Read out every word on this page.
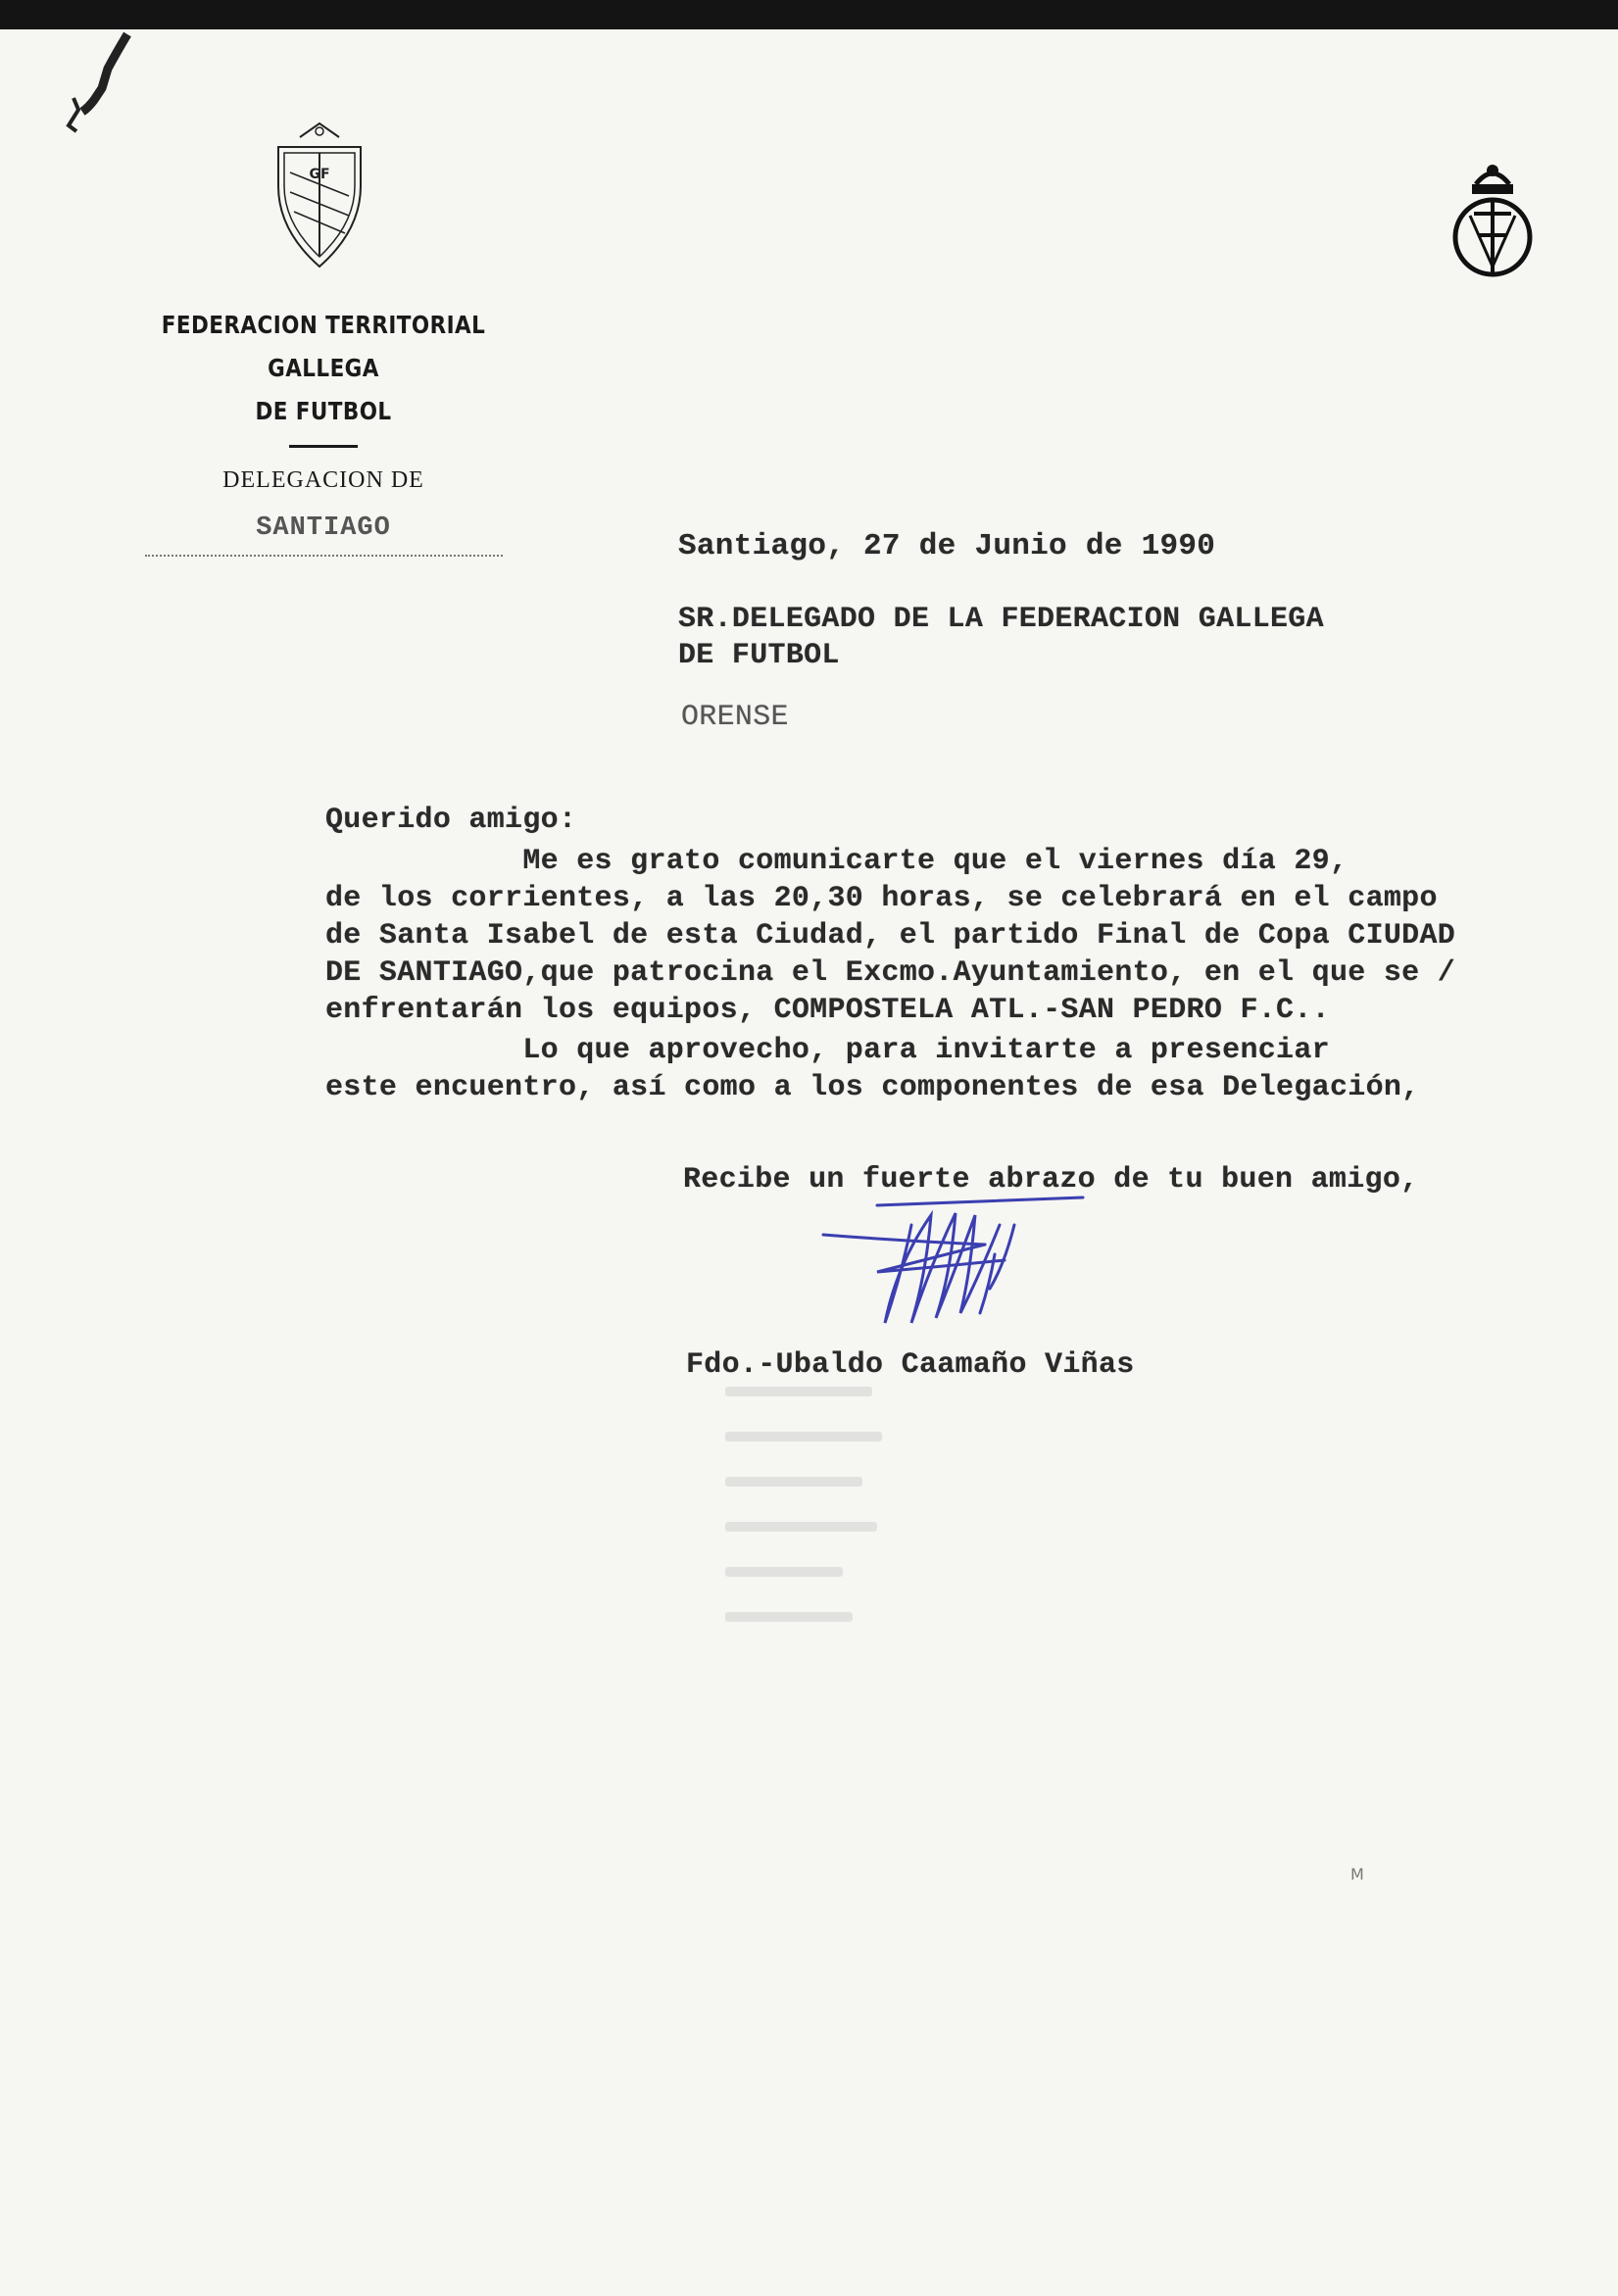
GF
FEDERACION TERRITORIAL GALLEGA
DE FUTBOL
DELEGACION DE
SANTIAGO
Santiago, 27 de Junio de 1990
SR.DELEGADO DE LA FEDERACION GALLEGA
DE FUTBOL
ORENSE
Querido amigo:
Me es grato comunicarte que el viernes día 29,
de los corrientes, a las 20,30 horas, se celebrará en el campo
de Santa Isabel de esta Ciudad, el partido Final de Copa CIUDAD
DE SANTIAGO,que patrocina el Excmo.Ayuntamiento, en el que se /
enfrentarán los equipos, COMPOSTELA ATL.-SAN PEDRO F.C..
Lo que aprovecho, para invitarte a presenciar
este encuentro, así como a los componentes de esa Delegación,
Recibe un fuerte abrazo de tu buen amigo,
Fdo.-Ubaldo Caamaño Viñas
M
